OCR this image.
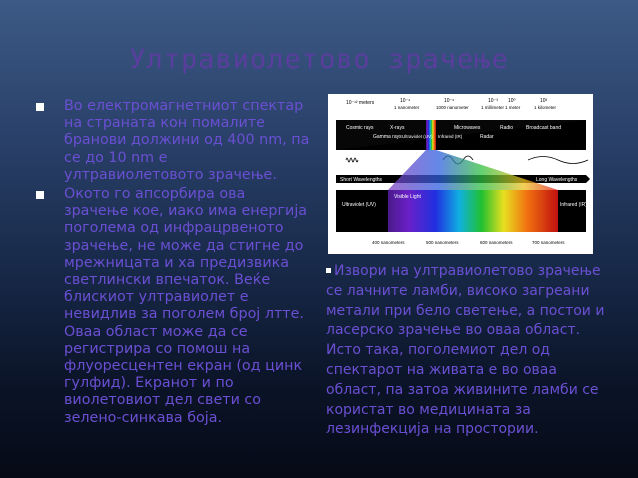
Ултравиолетово зрачење
Во електромагнетниот спектар на страната кон помалите бранови должини од 400 nm, па се до 10 nm е ултравиолетовото зрачење.
Окото го апсорбира ова зрачење кое, иако има енергија поголема од инфрацрвеното зрачење, не може да стигне до мрежницата и ха предизвика светлински впечаток. Веќе блискиот ултравиолет е невидлив за поголем број лтте. Оваа област може да се регистрира со помош на флуоресцентен екран (од цинк гулфид). Екранот и по виолетовиот дел свети со зелено-синкава боја.
10⁻¹² meters	10⁻⁹
1 nanometer
10⁻⁶
1000 nanometer
10⁻³
1 millimeter
10⁰
1 meter
10³
1 kilometer
Cosmic rays
Gamma rays
X-rays
Ultraviolet (UV) Infrared (IR)
Microwaves
Radar
Radio	Broadcast band
Short Wavelengths	Long Wavelengths
Visible Light
Ultraviolet (UV)	Infrared (IR)
400 nanometers	500 nanometers	600 nanometers	700 nanometers
Извори на ултравиолетово зрачење се лачните ламби, високо загреани метали при бело светење, а постои и ласерско зрачење во оваа област. Исто така, поголемиот дел од спектарот на живата е во оваа област, па затоа живините ламби се користат во медицината за лезинфекција на простории.
